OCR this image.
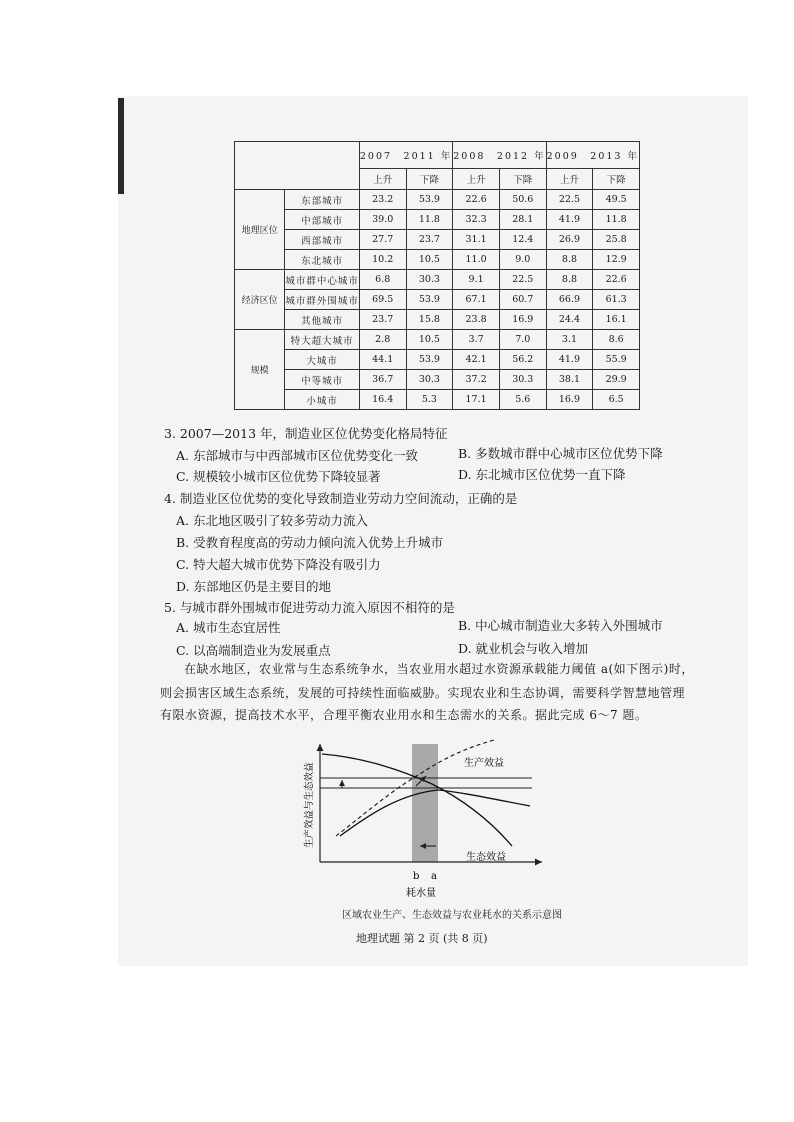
		2007　2011 年		2008　2012 年		2009　2013 年	
		上升	下降	上升	下降	上升	下降
地理区位	东部城市	23.2	53.9	22.6	50.6	22.5	49.5
	中部城市	39.0	11.8	32.3	28.1	41.9	11.8
	西部城市	27.7	23.7	31.1	12.4	26.9	25.8
	东北城市	10.2	10.5	11.0	9.0	8.8	12.9
经济区位	城市群中心城市	6.8	30.3	9.1	22.5	8.8	22.6
	城市群外围城市	69.5	53.9	67.1	60.7	66.9	61.3
	其他城市	23.7	15.8	23.8	16.9	24.4	16.1
规模	特大超大城市	2.8	10.5	3.7	7.0	3.1	8.6
	大城市	44.1	53.9	42.1	56.2	41.9	55.9
	中等城市	36.7	30.3	37.2	30.3	38.1	29.9
	小城市	16.4	5.3	17.1	5.6	16.9	6.5
3. 2007—2013 年，制造业区位优势变化格局特征
A. 东部城市与中西部城市区位优势变化一致	B. 多数城市群中心城市区位优势下降
C. 规模较小城市区位优势下降较显著	D. 东北城市区位优势一直下降
4. 制造业区位优势的变化导致制造业劳动力空间流动，正确的是
A. 东北地区吸引了较多劳动力流入
B. 受教育程度高的劳动力倾向流入优势上升城市
C. 特大超大城市优势下降没有吸引力
D. 东部地区仍是主要目的地
5. 与城市群外围城市促进劳动力流入原因不相符的是
A. 城市生态宜居性	B. 中心城市制造业大多转入外围城市
C. 以高端制造业为发展重点	D. 就业机会与收入增加
在缺水地区，农业常与生态系统争水，当农业用水超过水资源承载能力阈值 a(如下图示)时，
则会损害区域生态系统，发展的可持续性面临威胁。实现农业和生态协调，需要科学智慧地管理
有限水资源，提高技术水平，合理平衡农业用水和生态需水的关系。据此完成 6～7 题。
生产效益
生态效益
b a
耗水量
生产效益与生态效益
区域农业生产、生态效益与农业耗水的关系示意图
地理试题 第 2 页 (共 8 页)
